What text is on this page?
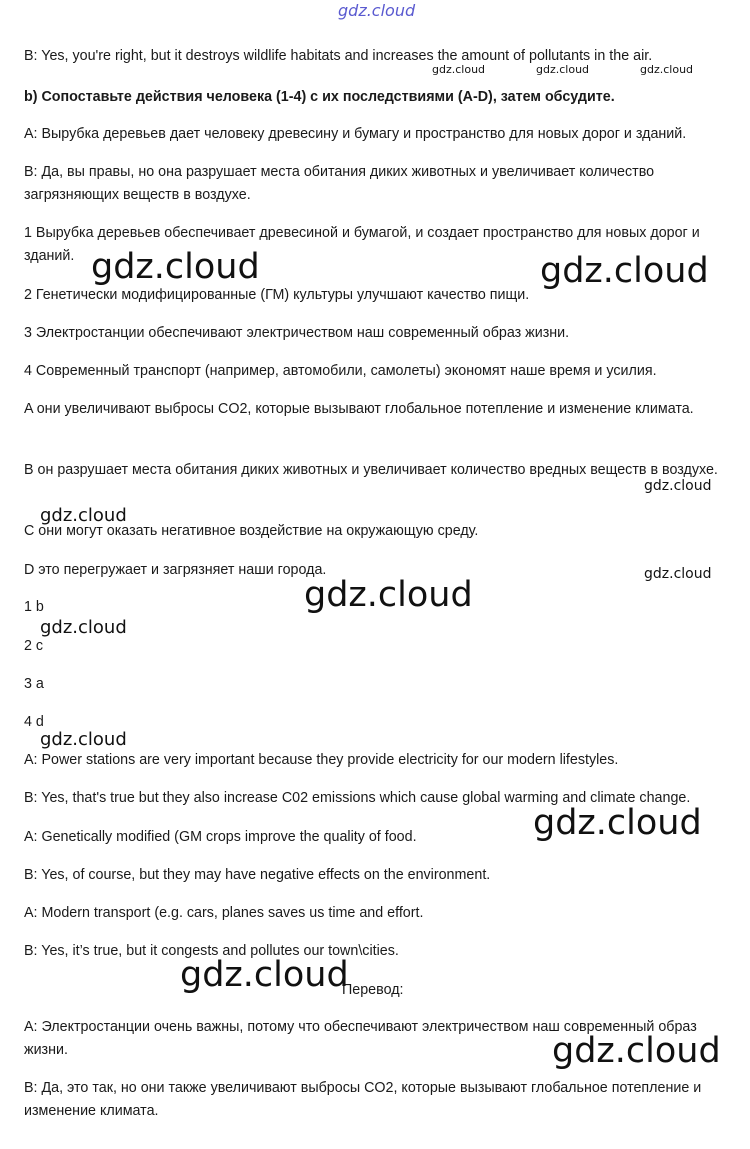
gdz.cloud

B: Yes, you're right, but it destroys wildlife habitats and increases the amount of pollutants in the air.

b) Сопоставьте действия человека (1-4) с их последствиями (A-D), затем обсудите.

A: Вырубка деревьев дает человеку древесину и бумагу и пространство для новых дорог и зданий.

B: Да, вы правы, но она разрушает места обитания диких животных и увеличивает количество загрязняющих веществ в воздухе.

1 Вырубка деревьев обеспечивает древесиной и бумагой, и создает пространство для новых дорог и зданий.

2 Генетически модифицированные (ГМ) культуры улучшают качество пищи.

3 Электростанции обеспечивают электричеством наш современный образ жизни.

4 Современный транспорт (например, автомобили, самолеты) экономят наше время и усилия.

A они увеличивают выбросы CO2, которые вызывают глобальное потепление и изменение климата.

B он разрушает места обитания диких животных и увеличивает количество вредных веществ в воздухе.

C они могут оказать негативное воздействие на окружающую среду.

D это перегружает и загрязняет наши города.

1 b

2 c

3 a

4 d

A: Power stations are very important because they provide electricity for our modern lifestyles.

B: Yes, that's true but they also increase C02 emissions which cause global warming and climate change.

A: Genetically modified (GM crops improve the quality of food.

B: Yes, of course, but they may have negative effects on the environment.

A: Modern transport (e.g. cars, planes saves us time and effort.

B: Yes, it’s true, but it congests and pollutes our town\cities.

Перевод:

A: Электростанции очень важны, потому что обеспечивают электричеством наш современный образ жизни.

B: Да, это так, но они также увеличивают выбросы CO2, которые вызывают глобальное потепление и изменение климата.

gdz.cloud	gdz.cloud	gdz.cloud
gdz.cloud	gdz.cloud
gdz.cloud
gdz.cloud
gdz.cloud
gdz.cloud
gdz.cloud
gdz.cloud
gdz.cloud
gdz.cloud
gdz.cloud
